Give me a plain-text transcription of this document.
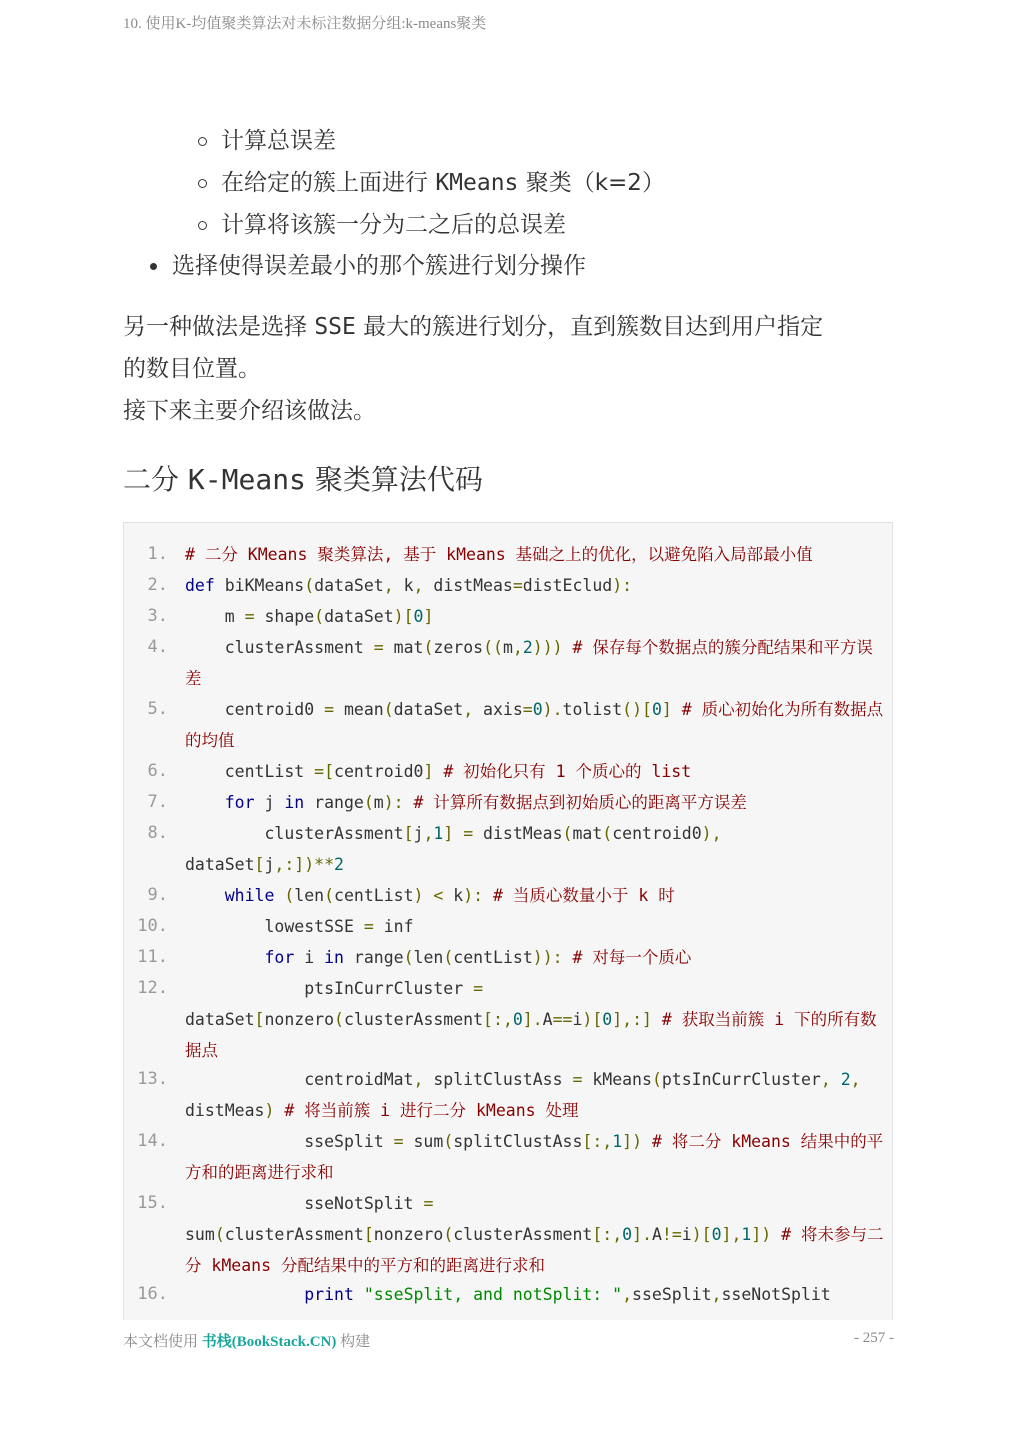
10. 使用K-均值聚类算法对未标注数据分组:k-means聚类
计算总误差
在给定的簇上面进行 KMeans 聚类（k=2）
计算将该簇一分为二之后的总误差
选择使得误差最小的那个簇进行划分操作

另一种做法是选择 SSE 最大的簇进行划分，直到簇数目达到用户指定
的数目位置。

接下来主要介绍该做法。

二分 K-Means 聚类算法代码
1. # 二分 KMeans 聚类算法, 基于 kMeans 基础之上的优化，以避免陷入局部最小值
2. def biKMeans(dataSet, k, distMeas=distEclud):
3. m = shape(dataSet)[0]
4. clusterAssment = mat(zeros((m,2))) # 保存每个数据点的簇分配结果和平方误差
5. centroid0 = mean(dataSet, axis=0).tolist()[0] # 质心初始化为所有数据点的均值
6. centList =[centroid0] # 初始化只有 1 个质心的 list
7.	for j in range(m): # 计算所有数据点到初始质心的距离平方误差
8. clusterAssment[j,1] = distMeas(mat(centroid0), dataSet[j,:])**2
9.	while (len(centList) < k): # 当质心数量小于 k 时
10. lowestSSE = inf
11.	for i in range(len(centList)): # 对每一个质心
12. ptsInCurrCluster = dataSet[nonzero(clusterAssment[:,0].A==i)[0],:] # 获取当前簇 i 下的所有数据点
13. centroidMat, splitClustAss = kMeans(ptsInCurrCluster, 2, distMeas) # 将当前簇 i 进行二分 kMeans 处理
14. sseSplit = sum(splitClustAss[:,1]) # 将二分 kMeans 结果中的平方和的距离进行求和
15. sseNotSplit = sum(clusterAssment[nonzero(clusterAssment[:,0].A!=i)[0],1]) # 将未参与二分 kMeans 分配结果中的平方和的距离进行求和
16.	print "sseSplit, and notSplit: ",sseSplit,sseNotSplit
本文档使用 书栈(BookStack.CN) 构建	- 257 -
